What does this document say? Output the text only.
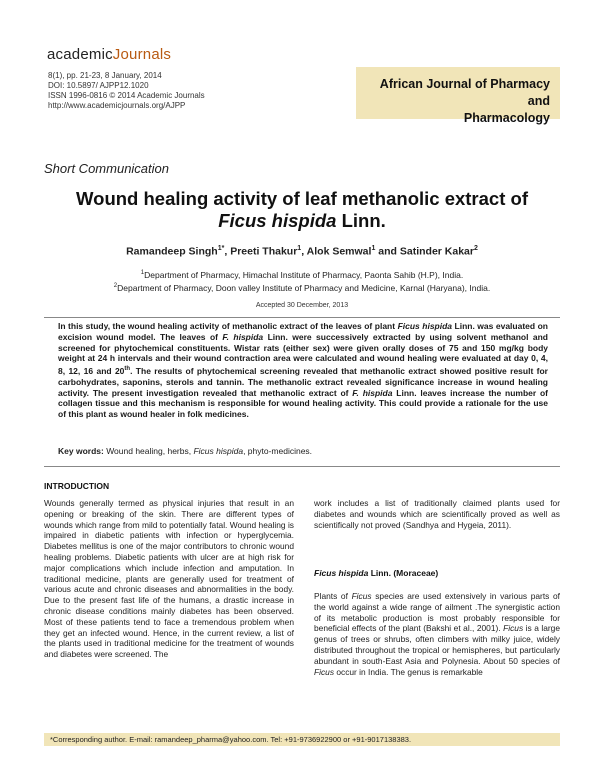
academicJournals
8(1), pp. 21-23, 8 January, 2014
DOI: 10.5897/ AJPP12.1020
ISSN 1996-0816 © 2014 Academic Journals
http://www.academicjournals.org/AJPP
African Journal of Pharmacy and
Pharmacology
Short Communication
Wound healing activity of leaf methanolic extract of
Ficus hispida Linn.
Ramandeep Singh$^{1*}$, Preeti Thakur$^1$, Alok Semwal$^1$ and Satinder Kakar$^2$
$^1$Department of Pharmacy, Himachal Institute of Pharmacy, Paonta Sahib (H.P), India.
$^2$Department of Pharmacy, Doon valley Institute of Pharmacy and Medicine, Karnal (Haryana), India.
Accepted 30 December, 2013
In this study, the wound healing activity of methanolic extract of the leaves of plant Ficus hispida Linn. was evaluated on excision wound model. The leaves of F. hispida Linn. were successively extracted by using solvent methanol and screened for phytochemical constituents. Wistar rats (either sex) were given orally doses of 75 and 150 mg/kg body weight at 24 h intervals and their wound contraction area were calculated and wound healing were evaluated at day 0, 4, 8, 12, 16 and 20th. The results of phytochemical screening revealed that methanolic extract showed positive result for carbohydrates, saponins, sterols and tannin. The methanolic extract revealed significance increase in wound healing activity. The present investigation revealed that methanolic extract of F. hispida Linn. leaves increase the number of collagen tissue and this mechanism is responsible for wound healing activity. This could provide a rationale for the use of this plant as wound healer in folk medicines.
Key words: Wound healing, herbs, Ficus hispida, phyto-medicines.
INTRODUCTION

Wounds generally termed as physical injuries that result in an opening or breaking of the skin. There are different types of wounds which range from mild to potentially fatal. Wound healing is impaired in diabetic patients with infection or hyperglycemia. Diabetes mellitus is one of the major contributors to chronic wound healing problems. Diabetic patients with ulcer are at high risk for major complications which include infection and amputation. In traditional medicine, plants are generally used for treatment of various acute and chronic diseases and abnormalities in the body. Due to the present fast life of the humans, a drastic increase in chronic disease conditions mainly diabetes has been observed. Most of these patients tend to face a tremendous problem when they get an infected wound. Hence, in the current review, a list of the plants used in traditional medicine for the treatment of wounds and diabetes were screened. The

work includes a list of traditionally claimed plants used for diabetes and wounds which are scientifically proved as well as scientifically not proved (Sandhya and Hygeia, 2011).

Ficus hispida Linn. (Moraceae)

Plants of Ficus species are used extensively in various parts of the world against a wide range of ailment .The synergistic action of its metabolic production is most probably responsible for beneficial effects of the plant (Bakshi et al., 2001). Ficus is a large genus of trees or shrubs, often climbers with milky juice, widely distributed throughout the tropical or hemispheres, but particularly abundant in south-East Asia and Polynesia. About 50 species of Ficus occur in India. The genus is remarkable

*Corresponding author. E-mail: ramandeep_pharma@yahoo.com. Tel: +91-9736922900 or +91-9017138383.
